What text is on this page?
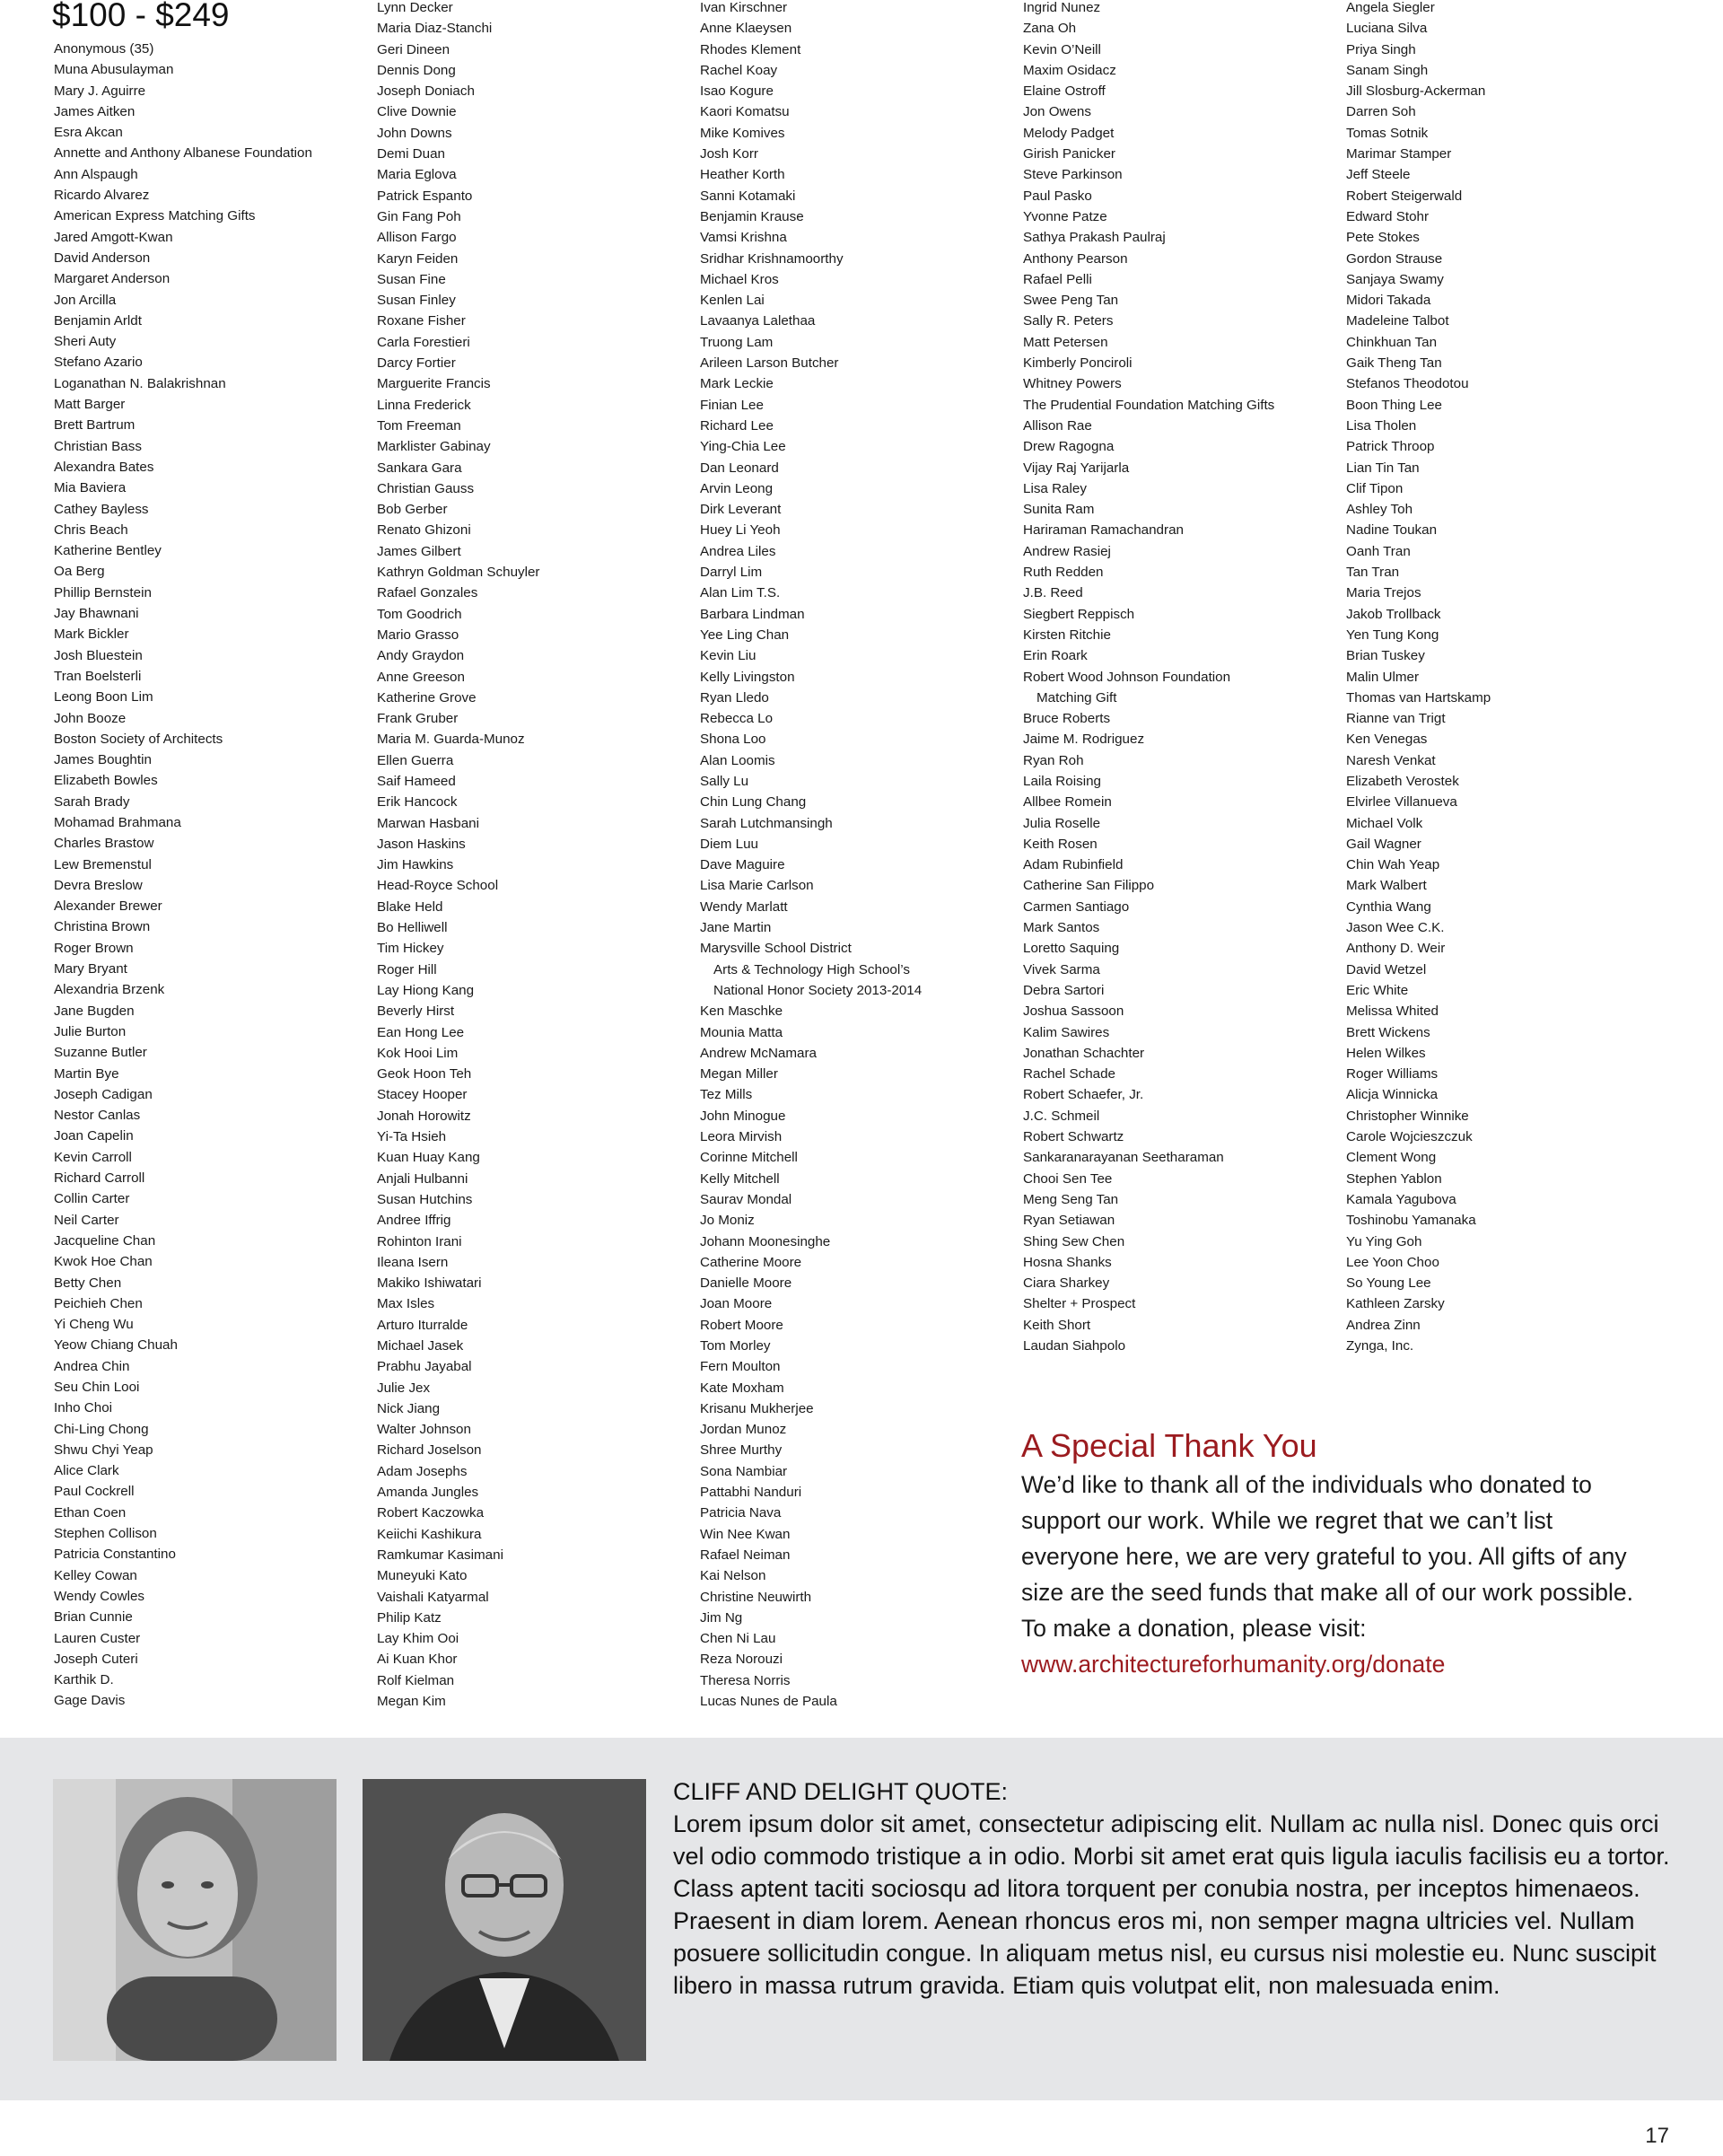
$100 - $249
Anonymous (35)
Muna Abusulayman
Mary J. Aguirre
James Aitken
Esra Akcan
Annette and Anthony Albanese Foundation
Ann Alspaugh
Ricardo Alvarez
American Express Matching Gifts
Jared Amgott-Kwan
David Anderson
Margaret Anderson
Jon Arcilla
Benjamin Arldt
Sheri Auty
Stefano Azario
Loganathan N. Balakrishnan
Matt Barger
Brett Bartrum
Christian Bass
Alexandra Bates
Mia Baviera
Cathey Bayless
Chris Beach
Katherine Bentley
Oa Berg
Phillip Bernstein
Jay Bhawnani
Mark Bickler
Josh Bluestein
Tran Boelsterli
Leong Boon Lim
John Booze
Boston Society of Architects
James Boughtin
Elizabeth Bowles
Sarah Brady
Mohamad Brahmana
Charles Brastow
Lew Bremenstul
Devra Breslow
Alexander Brewer
Christina Brown
Roger Brown
Mary Bryant
Alexandria Brzenk
Jane Bugden
Julie Burton
Suzanne Butler
Martin Bye
Joseph Cadigan
Nestor Canlas
Joan Capelin
Kevin Carroll
Richard Carroll
Collin Carter
Neil Carter
Jacqueline Chan
Kwok Hoe Chan
Betty Chen
Peichieh Chen
Yi Cheng Wu
Yeow Chiang Chuah
Andrea Chin
Seu Chin Looi
Inho Choi
Chi-Ling Chong
Shwu Chyi Yeap
Alice Clark
Paul Cockrell
Ethan Coen
Stephen Collison
Patricia Constantino
Kelley Cowan
Wendy Cowles
Brian Cunnie
Lauren Custer
Joseph Cuteri
Karthik D.
Gage Davis
Lynn Decker
Maria Diaz-Stanchi
Geri Dineen
Dennis Dong
Joseph Doniach
Clive Downie
John Downs
Demi Duan
Maria Eglova
Patrick Espanto
Gin Fang Poh
Allison Fargo
Karyn Feiden
Susan Fine
Susan Finley
Roxane Fisher
Carla Forestieri
Darcy Fortier
Marguerite Francis
Linna Frederick
Tom Freeman
Marklister Gabinay
Sankara Gara
Christian Gauss
Bob Gerber
Renato Ghizoni
James Gilbert
Kathryn Goldman Schuyler
Rafael Gonzales
Tom Goodrich
Mario Grasso
Andy Graydon
Anne Greeson
Katherine Grove
Frank Gruber
Maria M. Guarda-Munoz
Ellen Guerra
Saif Hameed
Erik Hancock
Marwan Hasbani
Jason Haskins
Jim Hawkins
Head-Royce School
Blake Held
Bo Helliwell
Tim Hickey
Roger Hill
Lay Hiong Kang
Beverly Hirst
Ean Hong Lee
Kok Hooi Lim
Geok Hoon Teh
Stacey Hooper
Jonah Horowitz
Yi-Ta Hsieh
Kuan Huay Kang
Anjali Hulbanni
Susan Hutchins
Andree Iffrig
Rohinton Irani
Ileana Isern
Makiko Ishiwatari
Max Isles
Arturo Iturralde
Michael Jasek
Prabhu Jayabal
Julie Jex
Nick Jiang
Walter Johnson
Richard Joselson
Adam Josephs
Amanda Jungles
Robert Kaczowka
Keiichi Kashikura
Ramkumar Kasimani
Muneyuki Kato
Vaishali Katyarmal
Philip Katz
Lay Khim Ooi
Ai Kuan Khor
Rolf Kielman
Megan Kim
Ivan Kirschner
Anne Klaeysen
Rhodes Klement
Rachel Koay
Isao Kogure
Kaori Komatsu
Mike Komives
Josh Korr
Heather Korth
Sanni Kotamaki
Benjamin Krause
Vamsi Krishna
Sridhar Krishnamoorthy
Michael Kros
Kenlen Lai
Lavaanya Lalethaa
Truong Lam
Arileen Larson Butcher
Mark Leckie
Finian Lee
Richard Lee
Ying-Chia Lee
Dan Leonard
Arvin Leong
Dirk Leverant
Huey Li Yeoh
Andrea Liles
Darryl Lim
Alan Lim T.S.
Barbara Lindman
Yee Ling Chan
Kevin Liu
Kelly Livingston
Ryan Lledo
Rebecca Lo
Shona Loo
Alan Loomis
Sally Lu
Chin Lung Chang
Sarah Lutchmansingh
Diem Luu
Dave Maguire
Lisa Marie Carlson
Wendy Marlatt
Jane Martin
Marysville School District
Arts & Technology High School’s
National Honor Society 2013-2014
Ken Maschke
Mounia Matta
Andrew McNamara
Megan Miller
Tez Mills
John Minogue
Leora Mirvish
Corinne Mitchell
Kelly Mitchell
Saurav Mondal
Jo Moniz
Johann Moonesinghe
Catherine Moore
Danielle Moore
Joan Moore
Robert Moore
Tom Morley
Fern Moulton
Kate Moxham
Krisanu Mukherjee
Jordan Munoz
Shree Murthy
Sona Nambiar
Pattabhi Nanduri
Patricia Nava
Win Nee Kwan
Rafael Neiman
Kai Nelson
Christine Neuwirth
Jim Ng
Chen Ni Lau
Reza Norouzi
Theresa Norris
Lucas Nunes de Paula
Ingrid Nunez
Zana Oh
Kevin O’Neill
Maxim Osidacz
Elaine Ostroff
Jon Owens
Melody Padget
Girish Panicker
Steve Parkinson
Paul Pasko
Yvonne Patze
Sathya Prakash Paulraj
Anthony Pearson
Rafael Pelli
Swee Peng Tan
Sally R. Peters
Matt Petersen
Kimberly Ponciroli
Whitney Powers
The Prudential Foundation Matching Gifts
Allison Rae
Drew Ragogna
Vijay Raj Yarijarla
Lisa Raley
Sunita Ram
Hariraman Ramachandran
Andrew Rasiej
Ruth Redden
J.B. Reed
Siegbert Reppisch
Kirsten Ritchie
Erin Roark
Robert Wood Johnson Foundation
Matching Gift
Bruce Roberts
Jaime M. Rodriguez
Ryan Roh
Laila Roising
Allbee Romein
Julia Roselle
Keith Rosen
Adam Rubinfield
Catherine San Filippo
Carmen Santiago
Mark Santos
Loretto Saquing
Vivek Sarma
Debra Sartori
Joshua Sassoon
Kalim Sawires
Jonathan Schachter
Rachel Schade
Robert Schaefer, Jr.
J.C. Schmeil
Robert Schwartz
Sankaranarayanan Seetharaman
Chooi Sen Tee
Meng Seng Tan
Ryan Setiawan
Shing Sew Chen
Hosna Shanks
Ciara Sharkey
Shelter + Prospect
Keith Short
Laudan Siahpolo
Angela Siegler
Luciana Silva
Priya Singh
Sanam Singh
Jill Slosburg-Ackerman
Darren Soh
Tomas Sotnik
Marimar Stamper
Jeff Steele
Robert Steigerwald
Edward Stohr
Pete Stokes
Gordon Strause
Sanjaya Swamy
Midori Takada
Madeleine Talbot
Chinkhuan Tan
Gaik Theng Tan
Stefanos Theodotou
Boon Thing Lee
Lisa Tholen
Patrick Throop
Lian Tin Tan
Clif Tipon
Ashley Toh
Nadine Toukan
Oanh Tran
Tan Tran
Maria Trejos
Jakob Trollback
Yen Tung Kong
Brian Tuskey
Malin Ulmer
Thomas van Hartskamp
Rianne van Trigt
Ken Venegas
Naresh Venkat
Elizabeth Verostek
Elvirlee Villanueva
Michael Volk
Gail Wagner
Chin Wah Yeap
Mark Walbert
Cynthia Wang
Jason Wee C.K.
Anthony D. Weir
David Wetzel
Eric White
Melissa Whited
Brett Wickens
Helen Wilkes
Roger Williams
Alicja Winnicka
Christopher Winnike
Carole Wojcieszczuk
Clement Wong
Stephen Yablon
Kamala Yagubova
Toshinobu Yamanaka
Yu Ying Goh
Lee Yoon Choo
So Young Lee
Kathleen Zarsky
Andrea Zinn
Zynga, Inc.
A Special Thank You

We’d like to thank all of the individuals who donated to support our work. While we regret that we can’t list everyone here, we are very grateful to you. All gifts of any size are the seed funds that make all of our work possible.

To make a donation, please visit:
www.architectureforhumanity.org/donate

CLIFF AND DELIGHT QUOTE:

Lorem ipsum dolor sit amet, consectetur adipiscing elit. Nullam ac nulla nisl. Donec quis orci vel odio commodo tristique a in odio. Morbi sit amet erat quis ligula iaculis facilisis eu a tortor. Class aptent taciti sociosqu ad litora torquent per conubia nostra, per inceptos himenaeos. Praesent in diam lorem. Aenean rhoncus eros mi, non semper magna ultricies vel. Nullam posuere sollicitudin congue. In aliquam metus nisl, eu cursus nisi molestie eu. Nunc suscipit libero in massa rutrum gravida. Etiam quis volutpat elit, non malesuada enim.

17
